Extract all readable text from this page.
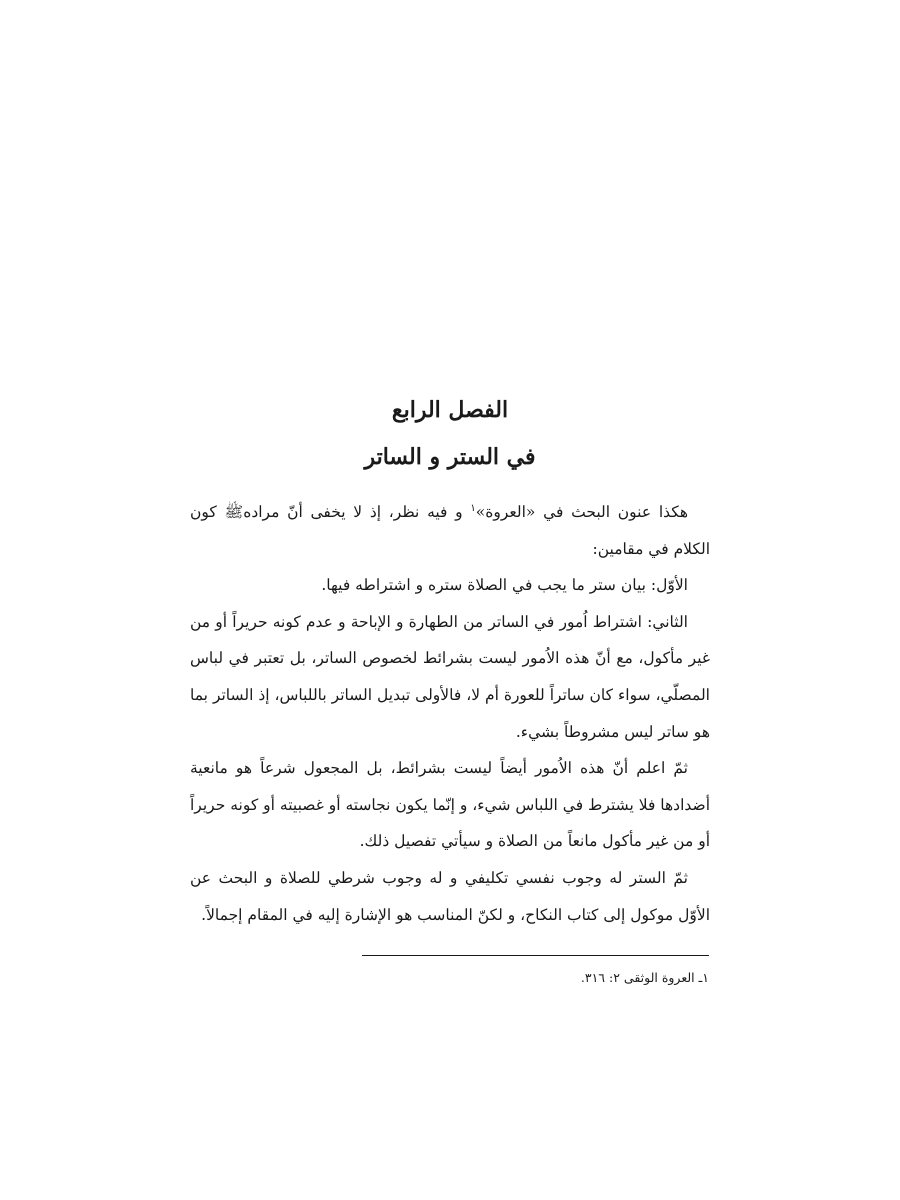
الفصل الرابع
في الستر و الساتر

هكذا عنون البحث في «العروة»$^١$ و فيه نظر، إذ لا يخفى أنّ مرادهﷺ كون الكلام في مقامين:

الأوّل: بيان ستر ما يجب في الصلاة ستره و اشتراطه فيها.

الثاني: اشتراط اُمور في الساتر من الطهارة و الإباحة و عدم كونه حريراً أو من غير مأكول، مع أنّ هذه الاُمور ليست بشرائط لخصوص الساتر، بل تعتبر في لباس المصلّي، سواء كان ساتراً للعورة أم لا، فالأولى تبديل الساتر باللباس، إذ الساتر بما هو ساتر ليس مشروطاً بشيء.

ثمّ اعلم أنّ هذه الاُمور أيضاً ليست بشرائط، بل المجعول شرعاً هو مانعية أضدادها فلا يشترط في اللباس شيء، و إنّما يكون نجاسته أو غصبيته أو كونه حريراً أو من غير مأكول مانعاً من الصلاة و سيأتي تفصيل ذلك.

ثمّ الستر له وجوب نفسي تكليفي و له وجوب شرطي للصلاة و البحث عن الأوّل موكول إلى كتاب النكاح، و لكنّ المناسب هو الإشارة إليه في المقام إجمالاً.

١ـ العروة الوثقى ٢: ٣١٦.
